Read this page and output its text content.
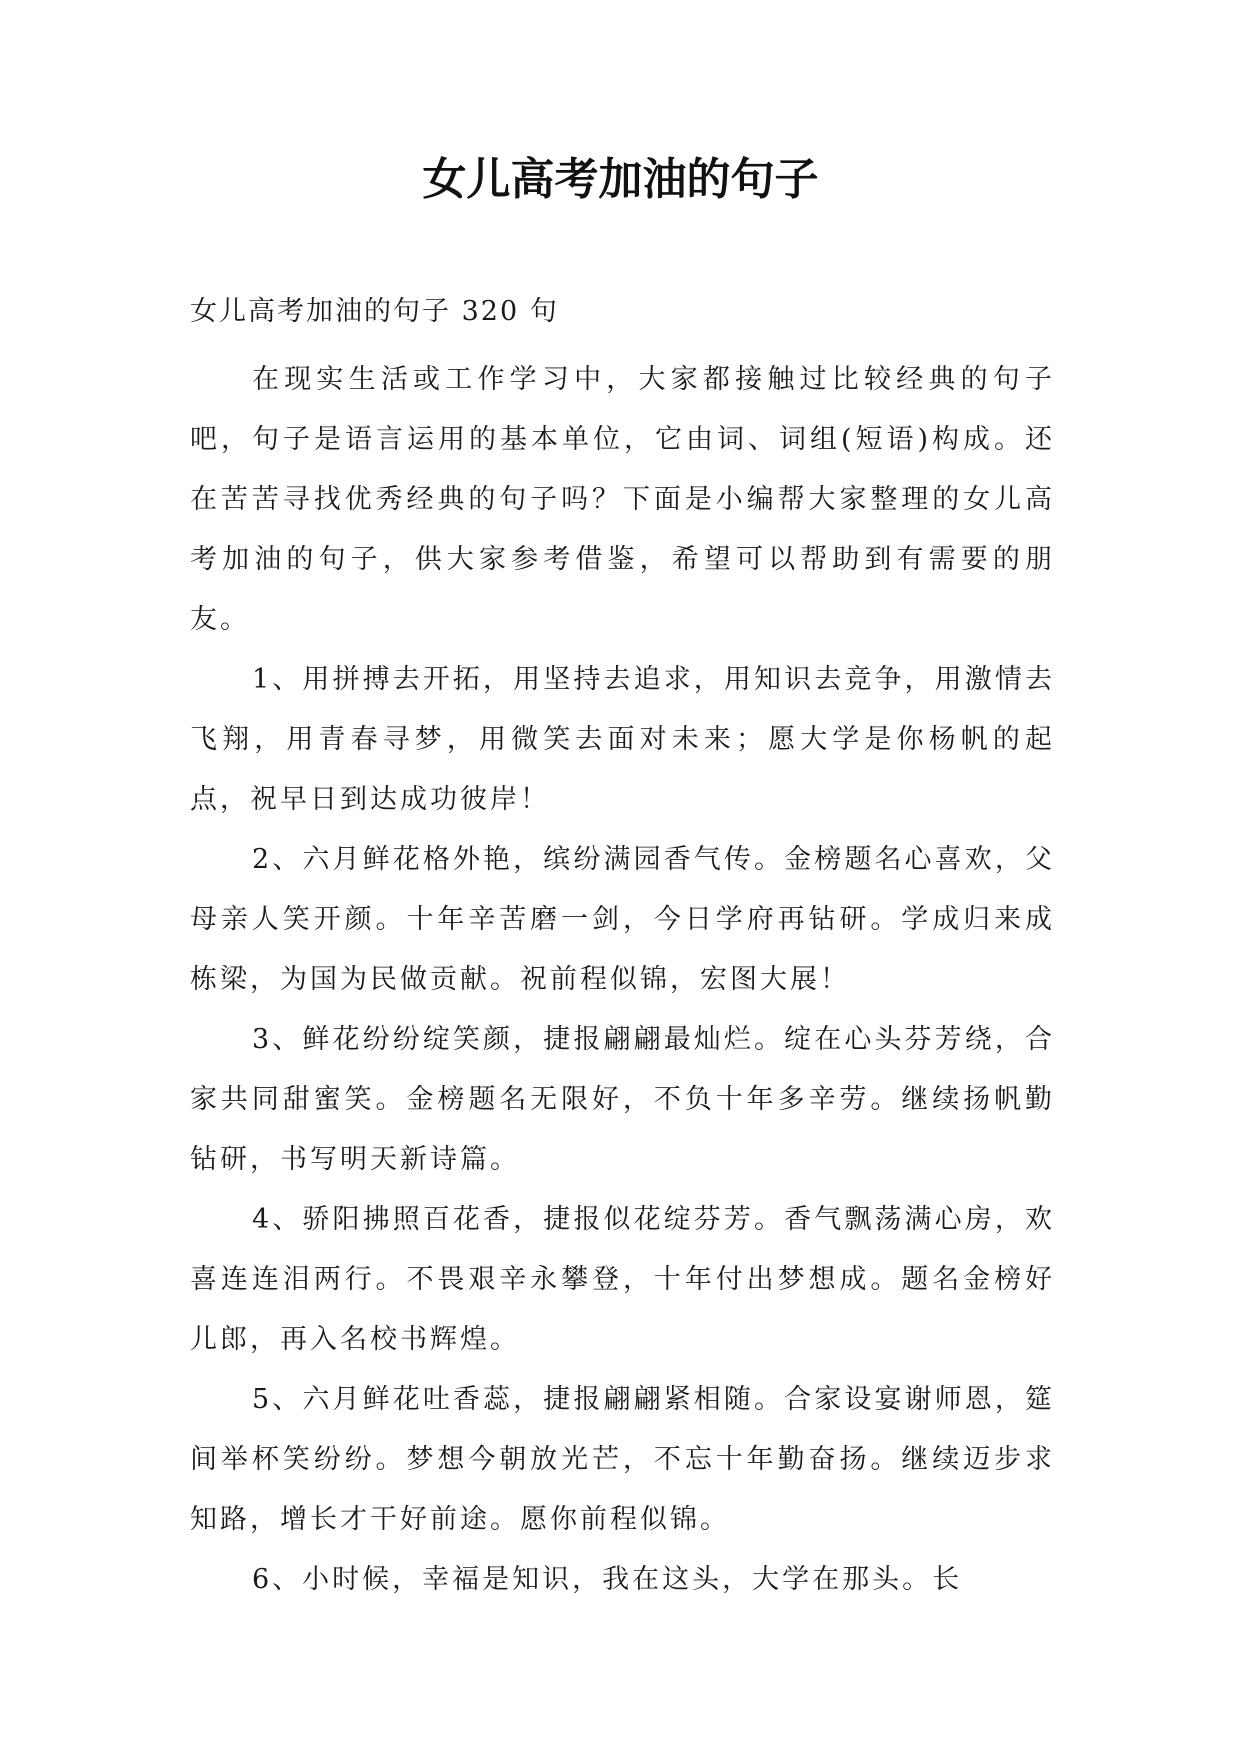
女儿高考加油的句子

女儿高考加油的句子 320 句

在现实生活或工作学习中，大家都接触过比较经典的句子吧，句子是语言运用的基本单位，它由词、词组(短语)构成。还在苦苦寻找优秀经典的句子吗？下面是小编帮大家整理的女儿高考加油的句子，供大家参考借鉴，希望可以帮助到有需要的朋友。

1、用拼搏去开拓，用坚持去追求，用知识去竞争，用激情去飞翔，用青春寻梦，用微笑去面对未来；愿大学是你杨帆的起点，祝早日到达成功彼岸！

2、六月鲜花格外艳，缤纷满园香气传。金榜题名心喜欢，父母亲人笑开颜。十年辛苦磨一剑，今日学府再钻研。学成归来成栋梁，为国为民做贡献。祝前程似锦，宏图大展！

3、鲜花纷纷绽笑颜，捷报翩翩最灿烂。绽在心头芬芳绕，合家共同甜蜜笑。金榜题名无限好，不负十年多辛劳。继续扬帆勤钻研，书写明天新诗篇。

4、骄阳拂照百花香，捷报似花绽芬芳。香气飘荡满心房，欢喜连连泪两行。不畏艰辛永攀登，十年付出梦想成。题名金榜好儿郎，再入名校书辉煌。

5、六月鲜花吐香蕊，捷报翩翩紧相随。合家设宴谢师恩，筵间举杯笑纷纷。梦想今朝放光芒，不忘十年勤奋扬。继续迈步求知路，增长才干好前途。愿你前程似锦。

6、小时候，幸福是知识，我在这头，大学在那头。长
